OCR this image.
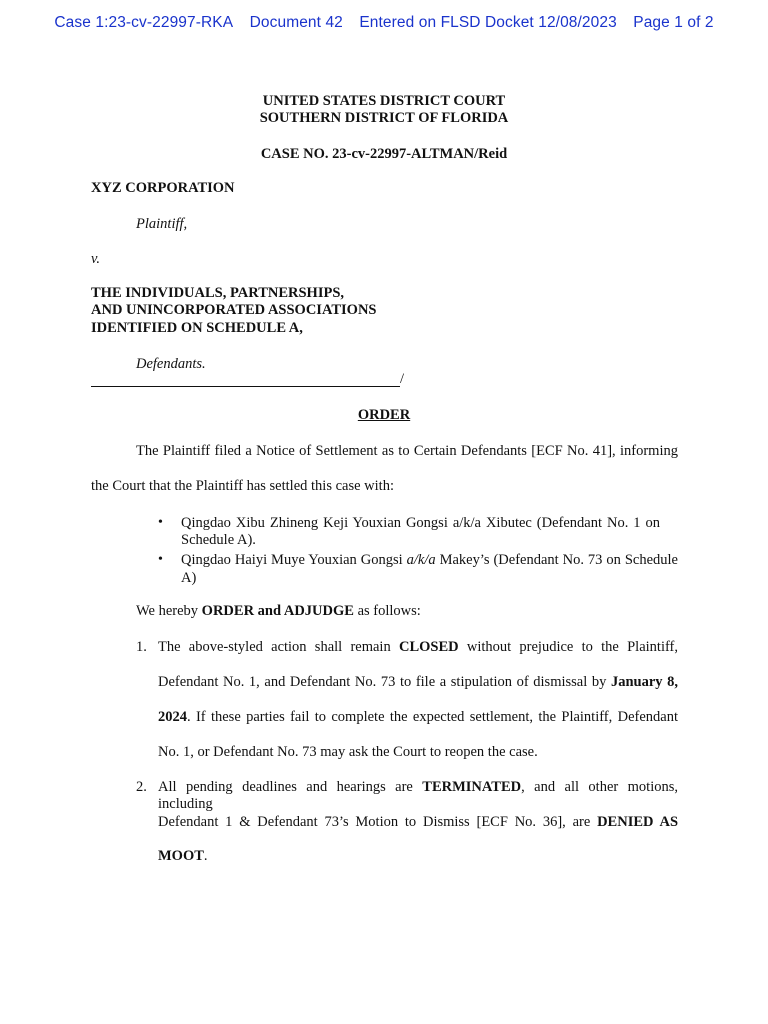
Case 1:23-cv-22997-RKA Document 42 Entered on FLSD Docket 12/08/2023 Page 1 of 2
UNITED STATES DISTRICT COURT
SOUTHERN DISTRICT OF FLORIDA
CASE NO. 23-cv-22997-ALTMAN/Reid
XYZ CORPORATION
Plaintiff,
v.
THE INDIVIDUALS, PARTNERSHIPS,
AND UNINCORPORATED ASSOCIATIONS
IDENTIFIED ON SCHEDULE A,
Defendants.
/
ORDER
The Plaintiff filed a Notice of Settlement as to Certain Defendants [ECF No. 41], informing
the Court that the Plaintiff has settled this case with:
• Qingdao Xibu Zhineng Keji Youxian Gongsi a/k/a Xibutec (Defendant No. 1 on
Schedule A).
• Qingdao Haiyi Muye Youxian Gongsi a/k/a Makey’s (Defendant No. 73 on Schedule
A)
We hereby ORDER and ADJUDGE as follows:
1. The above-styled action shall remain CLOSED without prejudice to the Plaintiff,
Defendant No. 1, and Defendant No. 73 to file a stipulation of dismissal by January 8,
2024. If these parties fail to complete the expected settlement, the Plaintiff, Defendant
No. 1, or Defendant No. 73 may ask the Court to reopen the case.
2. All pending deadlines and hearings are TERMINATED, and all other motions, including
Defendant 1 & Defendant 73’s Motion to Dismiss [ECF No. 36], are DENIED AS
MOOT.
